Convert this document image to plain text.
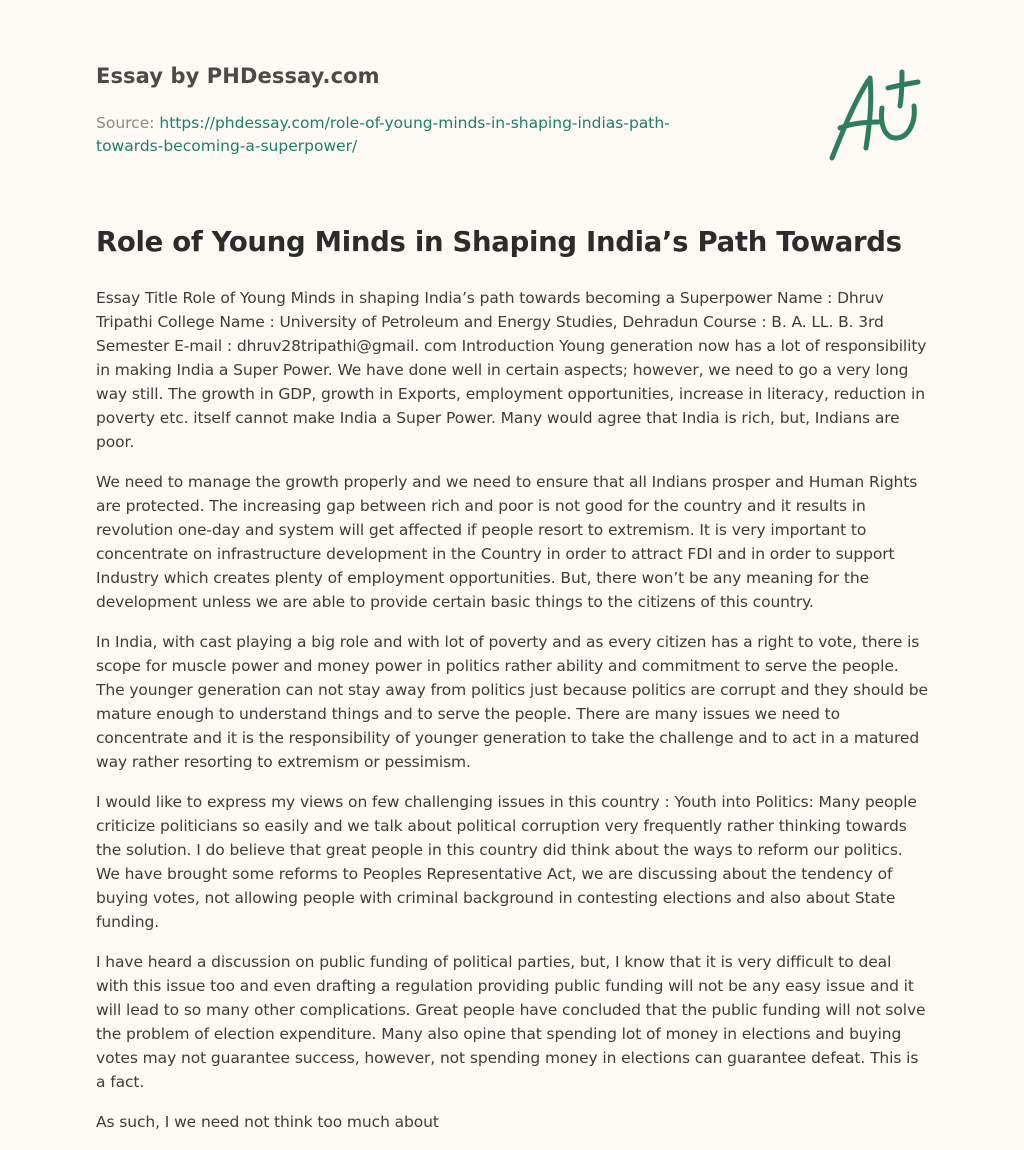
Essay by PHDessay.com
Source: https://phdessay.com/role-of-young-minds-in-shaping-indias-path-towards-becoming-a-superpower/
Role of Young Minds in Shaping India’s Path Towards

Essay Title Role of Young Minds in shaping India’s path towards becoming a Superpower Name : Dhruv Tripathi College Name : University of Petroleum and Energy Studies, Dehradun Course : B. A. LL. B. 3rd Semester E-mail : dhruv28tripathi@gmail. com Introduction Young generation now has a lot of responsibility in making India a Super Power. We have done well in certain aspects; however, we need to go a very long way still. The growth in GDP, growth in Exports, employment opportunities, increase in literacy, reduction in poverty etc. itself cannot make India a Super Power. Many would agree that India is rich, but, Indians are poor.

We need to manage the growth properly and we need to ensure that all Indians prosper and Human Rights are protected. The increasing gap between rich and poor is not good for the country and it results in revolution one-day and system will get affected if people resort to extremism. It is very important to concentrate on infrastructure development in the Country in order to attract FDI and in order to support Industry which creates plenty of employment opportunities. But, there won’t be any meaning for the development unless we are able to provide certain basic things to the citizens of this country.

In India, with cast playing a big role and with lot of poverty and as every citizen has a right to vote, there is scope for muscle power and money power in politics rather ability and commitment to serve the people. The younger generation can not stay away from politics just because politics are corrupt and they should be mature enough to understand things and to serve the people. There are many issues we need to concentrate and it is the responsibility of younger generation to take the challenge and to act in a matured way rather resorting to extremism or pessimism.

I would like to express my views on few challenging issues in this country : Youth into Politics: Many people criticize politicians so easily and we talk about political corruption very frequently rather thinking towards the solution. I do believe that great people in this country did think about the ways to reform our politics. We have brought some reforms to Peoples Representative Act, we are discussing about the tendency of buying votes, not allowing people with criminal background in contesting elections and also about State funding.

I have heard a discussion on public funding of political parties, but, I know that it is very difficult to deal with this issue too and even drafting a regulation providing public funding will not be any easy issue and it will lead to so many other complications. Great people have concluded that the public funding will not solve the problem of election expenditure. Many also opine that spending lot of money in elections and buying votes may not guarantee success, however, not spending money in elections can guarantee defeat. This is a fact.

As such, I we need not think too much about
